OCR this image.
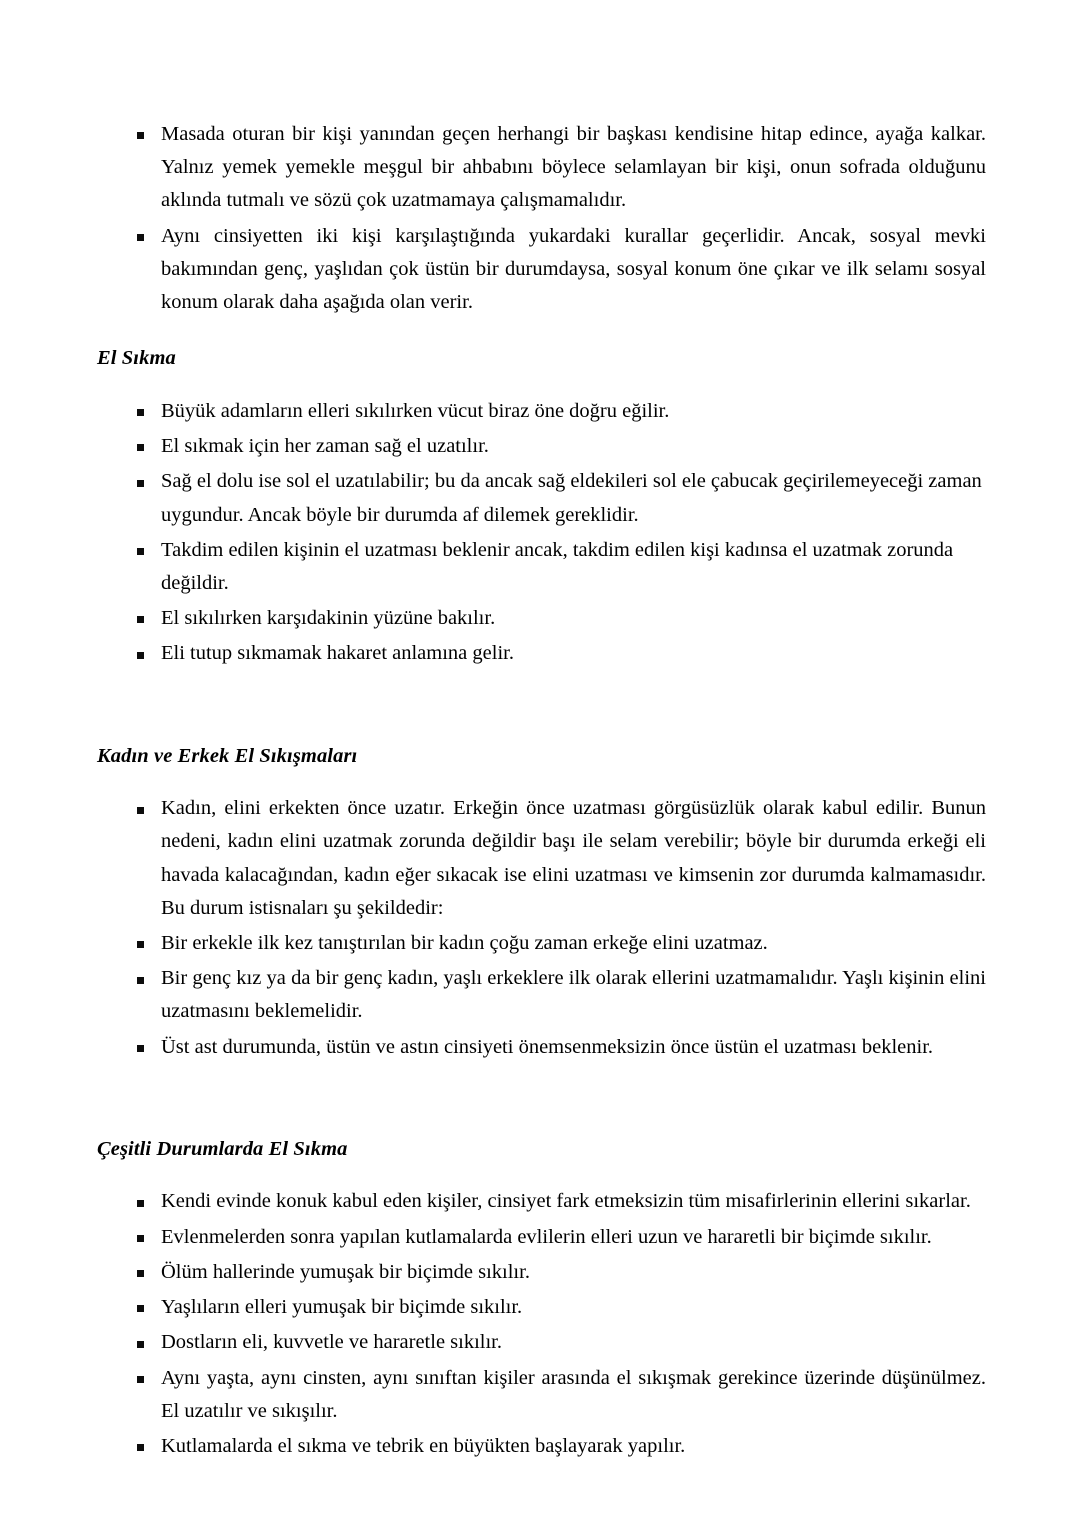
Masada oturan bir kişi yanından geçen herhangi bir başkası kendisine hitap edince, ayağa kalkar. Yalnız yemek yemekle meşgul bir ahbabını böylece selamlayan bir kişi, onun sofrada olduğunu aklında tutmalı ve sözü çok uzatmamaya çalışmamalıdır.
Aynı cinsiyetten iki kişi karşılaştığında yukardaki kurallar geçerlidir. Ancak, sosyal mevki bakımından genç, yaşlıdan çok üstün bir durumdaysa, sosyal konum öne çıkar ve ilk selamı sosyal konum olarak daha aşağıda olan verir.
El Sıkma
Büyük adamların elleri sıkılırken vücut biraz öne doğru eğilir.
El sıkmak için her zaman sağ el uzatılır.
Sağ el dolu ise sol el uzatılabilir; bu da ancak sağ eldekileri sol ele çabucak geçirilemeyeceği zaman uygundur. Ancak böyle bir durumda af dilemek gereklidir.
Takdim edilen kişinin el uzatması beklenir ancak, takdim edilen kişi kadınsa el uzatmak zorunda değildir.
El sıkılırken karşıdakinin yüzüne bakılır.
Eli tutup sıkmamak hakaret anlamına gelir.
Kadın ve Erkek El Sıkışmaları
Kadın, elini erkekten önce uzatır. Erkeğin önce uzatması görgüsüzlük olarak kabul edilir. Bunun nedeni, kadın elini uzatmak zorunda değildir başı ile selam verebilir; böyle bir durumda erkeği eli havada kalacağından, kadın eğer sıkacak ise elini uzatması ve kimsenin zor durumda kalmamasıdır. Bu durum istisnaları şu şekildedir:
Bir erkekle ilk kez tanıştırılan bir kadın çoğu zaman erkeğe elini uzatmaz.
Bir genç kız ya da bir genç kadın, yaşlı erkeklere ilk olarak ellerini uzatmamalıdır. Yaşlı kişinin elini uzatmasını beklemelidir.
Üst ast durumunda, üstün ve astın cinsiyeti önemsenmeksizin önce üstün el uzatması beklenir.
Çeşitli Durumlarda El Sıkma
Kendi evinde konuk kabul eden kişiler, cinsiyet fark etmeksizin tüm misafirlerinin ellerini sıkarlar.
Evlenmelerden sonra yapılan kutlamalarda evlilerin elleri uzun ve hararetli bir biçimde sıkılır.
Ölüm hallerinde yumuşak bir biçimde sıkılır.
Yaşlıların elleri yumuşak bir biçimde sıkılır.
Dostların eli, kuvvetle ve hararetle sıkılır.
Aynı yaşta, aynı cinsten, aynı sınıftan kişiler arasında el sıkışmak gerekince üzerinde düşünülmez. El uzatılır ve sıkışılır.
Kutlamalarda el sıkma ve tebrik en büyükten başlayarak yapılır.
